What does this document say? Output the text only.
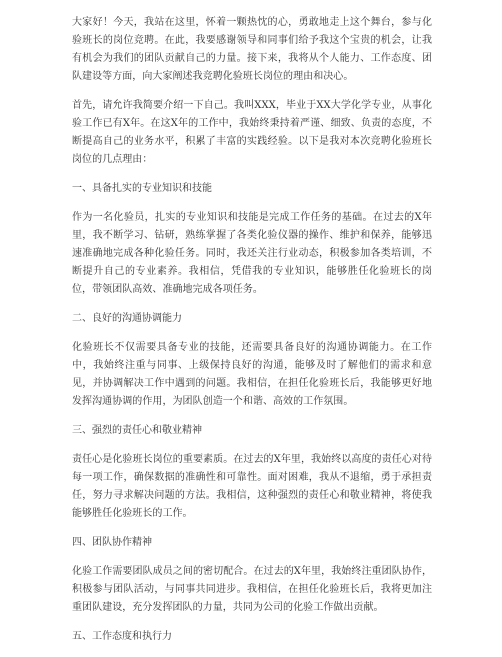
大家好！今天，我站在这里，怀着一颗热忱的心，勇敢地走上这个舞台，参与化验班长的岗位竞聘。在此，我要感谢领导和同事们给予我这个宝贵的机会，让我有机会为我们的团队贡献自己的力量。接下来，我将从个人能力、工作态度、团队建设等方面，向大家阐述我竞聘化验班长岗位的理由和决心。

首先，请允许我简要介绍一下自己。我叫XXX，毕业于XX大学化学专业，从事化验工作已有X年。在这X年的工作中，我始终秉持着严谨、细致、负责的态度，不断提高自己的业务水平，积累了丰富的实践经验。以下是我对本次竞聘化验班长岗位的几点理由：

一、具备扎实的专业知识和技能

作为一名化验员，扎实的专业知识和技能是完成工作任务的基础。在过去的X年里，我不断学习、钻研，熟练掌握了各类化验仪器的操作、维护和保养，能够迅速准确地完成各种化验任务。同时，我还关注行业动态，积极参加各类培训，不断提升自己的专业素养。我相信，凭借我的专业知识，能够胜任化验班长的岗位，带领团队高效、准确地完成各项任务。

二、良好的沟通协调能力

化验班长不仅需要具备专业的技能，还需要具备良好的沟通协调能力。在工作中，我始终注重与同事、上级保持良好的沟通，能够及时了解他们的需求和意见，并协调解决工作中遇到的问题。我相信，在担任化验班长后，我能够更好地发挥沟通协调的作用，为团队创造一个和谐、高效的工作氛围。

三、强烈的责任心和敬业精神

责任心是化验班长岗位的重要素质。在过去的X年里，我始终以高度的责任心对待每一项工作，确保数据的准确性和可靠性。面对困难，我从不退缩，勇于承担责任，努力寻求解决问题的方法。我相信，这种强烈的责任心和敬业精神，将使我能够胜任化验班长的工作。

四、团队协作精神

化验工作需要团队成员之间的密切配合。在过去的X年里，我始终注重团队协作，积极参与团队活动，与同事共同进步。我相信，在担任化验班长后，我将更加注重团队建设，充分发挥团队的力量，共同为公司的化验工作做出贡献。

五、工作态度和执行力
